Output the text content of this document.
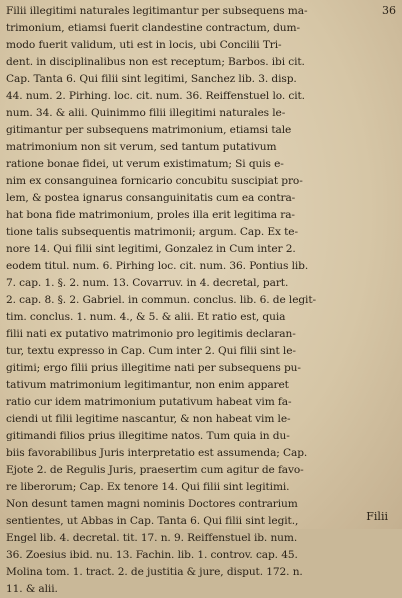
36
Filii illegitimi naturales legitimantur per subsequens ma-
trimonium, etiamsi fuerit clandestine contractum, dum-
modo fuerit validum, uti est in locis, ubi Concilii Tri-
dent. in disciplinalibus non est receptum; Barbos. ibi cit.
Cap. Tanta 6. Qui filii sint legitimi, Sanchez lib. 3. disp.
44. num. 2. Pirhing. loc. cit. num. 36. Reiffenstuel lo. cit.
num. 34. & alii. Quinimmo filii illegitimi naturales le-
gitimantur per subsequens matrimonium, etiamsi tale
matrimonium non sit verum, sed tantum putativum
ratione bonae fidei, ut verum existimatum; Si quis e-
nim ex consanguinea fornicario concubitu suscipiat pro-
lem, & postea ignarus consanguinitatis cum ea contra-
hat bona fide matrimonium, proles illa erit legitima ra-
tione talis subsequentis matrimonii; argum. Cap. Ex te-
nore 14. Qui filii sint legitimi, Gonzalez in Cum inter 2.
eodem titul. num. 6. Pirhing loc. cit. num. 36. Pontius lib.
7. cap. 1. §. 2. num. 13. Covarruv. in 4. decretal, part.
2. cap. 8. §. 2. Gabriel. in commun. conclus. lib. 6. de legit-
tim. conclus. 1. num. 4., & 5. & alii. Et ratio est, quia
filii nati ex putativo matrimonio pro legitimis declaran-
tur, textu expresso in Cap. Cum inter 2. Qui filii sint le-
gitimi; ergo filii prius illegitime nati per subsequens pu-
tativum matrimonium legitimantur, non enim apparet
ratio cur idem matrimonium putativum habeat vim fa-
ciendi ut filii legitime nascantur, & non habeat vim le-
gitimandi filios prius illegitime natos. Tum quia in du-
biis favorabilibus Juris interpretatio est assumenda; Cap.
Ejote 2. de Regulis Juris, praesertim cum agitur de favo-
re liberorum; Cap. Ex tenore 14. Qui filii sint legitimi.
Non desunt tamen magni nominis Doctores contrarium
sentientes, ut Abbas in Cap. Tanta 6. Qui filii sint legit.,
Engel lib. 4. decretal. tit. 17. n. 9. Reiffenstuel ib. num.
36. Zoesius ibid. nu. 13. Fachin. lib. 1. controv. cap. 45.
Molina tom. 1. tract. 2. de justitia & jure, disput. 172. n.
11. & alii.
Filii
